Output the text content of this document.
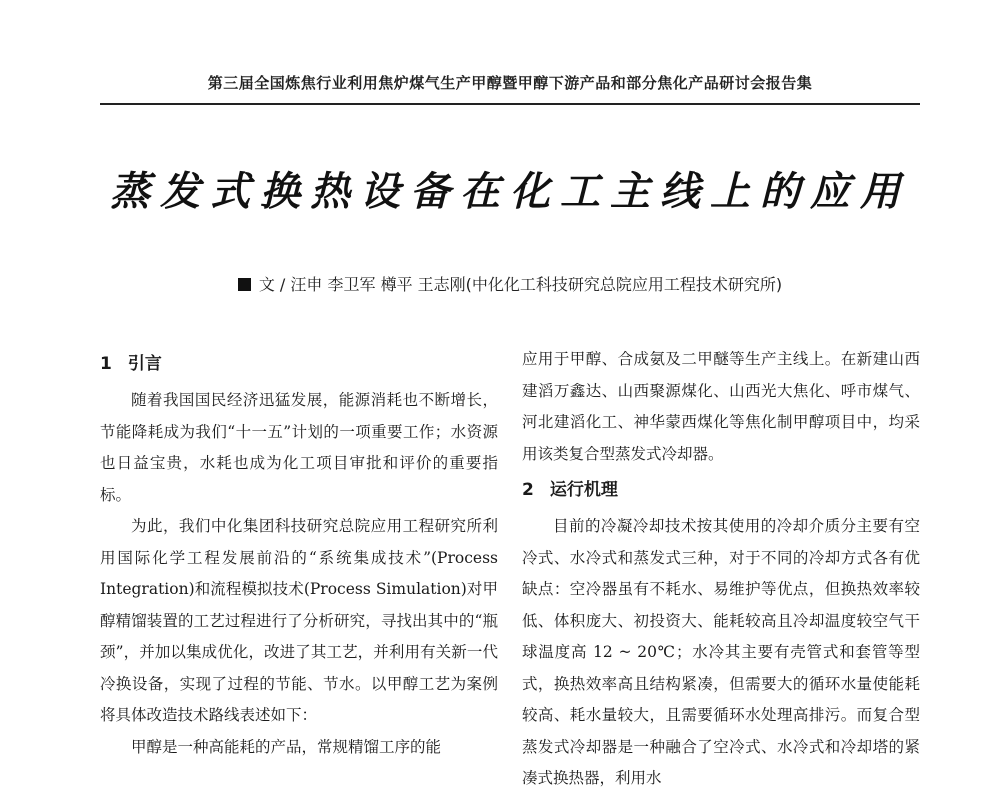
第三届全国炼焦行业利用焦炉煤气生产甲醇暨甲醇下游产品和部分焦化产品研讨会报告集
蒸发式换热设备在化工主线上的应用
文 / 汪申 李卫军 樽平 王志刚(中化化工科技研究总院应用工程技术研究所)
1 引言

随着我国国民经济迅猛发展，能源消耗也不断增长，节能降耗成为我们“十一五”计划的一项重要工作；水资源也日益宝贵，水耗也成为化工项目审批和评价的重要指标。

为此，我们中化集团科技研究总院应用工程研究所利用国际化学工程发展前沿的“系统集成技术”(Process Integration)和流程模拟技术(Process Simulation)对甲醇精馏装置的工艺过程进行了分析研究，寻找出其中的“瓶颈”，并加以集成优化，改进了其工艺，并利用有关新一代冷换设备，实现了过程的节能、节水。以甲醇工艺为案例将具体改造技术路线表述如下：

甲醇是一种高能耗的产品，常规精馏工序的能

应用于甲醇、合成氨及二甲醚等生产主线上。在新建山西建滔万鑫达、山西聚源煤化、山西光大焦化、呼市煤气、河北建滔化工、神华蒙西煤化等焦化制甲醇项目中，均采用该类复合型蒸发式冷却器。

2 运行机理

目前的冷凝冷却技术按其使用的冷却介质分主要有空冷式、水冷式和蒸发式三种，对于不同的冷却方式各有优缺点：空冷器虽有不耗水、易维护等优点，但换热效率较低、体积庞大、初投资大、能耗较高且冷却温度较空气干球温度高 12 ~ 20℃；水冷其主要有壳管式和套管等型式，换热效率高且结构紧凑，但需要大的循环水量使能耗较高、耗水量较大，且需要循环水处理高排污。而复合型蒸发式冷却器是一种融合了空冷式、水冷式和冷却塔的紧凑式换热器，利用水
